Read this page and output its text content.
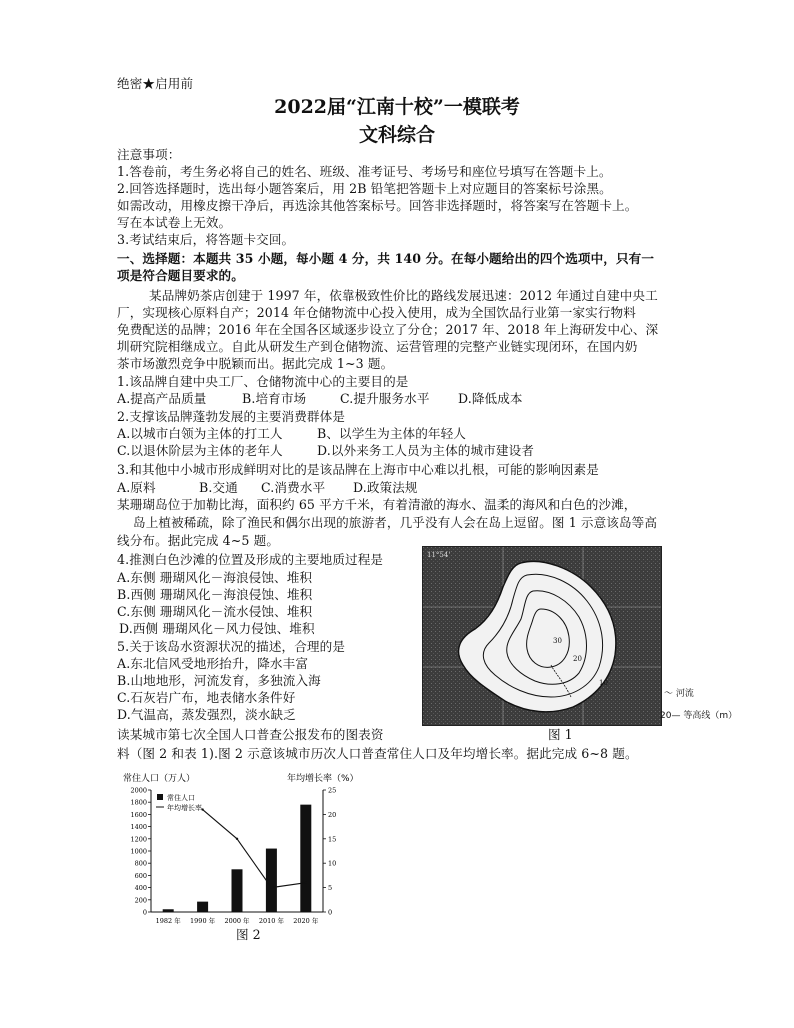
绝密★启用前
2022届“江南十校”一模联考
文科综合
注意事项：
1.答卷前，考生务必将自己的姓名、班级、准考证号、考场号和座位号填写在答题卡上。
2.回答选择题时，选出每小题答案后，用 2B 铅笔把答题卡上对应题目的答案标号涂黑。
如需改动，用橡皮擦干净后，再选涂其他答案标号。回答非选择题时，将答案写在答题卡上。
写在本试卷上无效。
3.考试结束后，将答题卡交回。
一、选择题：本题共 35 小题，每小题 4 分，共 140 分。在每小题给出的四个选项中，只有一
项是符合题目要求的。
某品牌奶茶店创建于 1997 年，依靠极致性价比的路线发展迅速：2012 年通过自建中央工
厂，实现核心原料自产；2014 年仓储物流中心投入使用，成为全国饮品行业第一家实行物料
免费配送的品牌；2016 年在全国各区域逐步设立了分仓；2017 年、2018 年上海研发中心、深
圳研究院相继成立。自此从研发生产到仓储物流、运营管理的完整产业链实现闭环，在国内奶
茶市场激烈竞争中脱颖而出。据此完成 1~3 题。
1.该品牌自建中央工厂、仓储物流中心的主要目的是
A.提高产品质量	B.培育市场	C.提升服务水平 D.降低成本
2.支撑该品牌蓬勃发展的主要消费群体是
A.以城市白领为主体的打工人	B、以学生为主体的年轻人
C.以退休阶层为主体的老年人	D.以外来务工人员为主体的城市建设者
3.和其他中小城市形成鲜明对比的是该品牌在上海市中心难以扎根，可能的影响因素是
A.原料	B.交通 C.消费水平 D.政策法规
某珊瑚岛位于加勒比海，面积约 65 平方千米，有着清澈的海水、温柔的海风和白色的沙滩，
岛上植被稀疏，除了渔民和偶尔出现的旅游者，几乎没有人会在岛上逗留。图 1 示意该岛等高
线分布。据此完成 4~5 题。
4.推测白色沙滩的位置及形成的主要地质过程是
A.东侧 珊瑚风化－海浪侵蚀、堆积
B.西侧 珊瑚风化－海浪侵蚀、堆积
C.东侧 珊瑚风化－流水侵蚀、堆积
D.西侧 珊瑚风化－风力侵蚀、堆积
5.关于该岛水资源状况的描述，合理的是
A.东北信风受地形抬升，降水丰富
B.山地地形，河流发育，多独流入海
C.石灰岩广布，地表储水条件好
D.气温高，蒸发强烈，淡水缺乏
读某城市第七次全国人口普查公报发布的图表资
料（图 2 和表 1).图 2 示意该城市历次人口普查常住人口及年均增长率。据此完成 6~8 题。
11°54'
10
20
30
～ 河流
20— 等高线（m）
图 1
常住人口（万人）	年均增长率（%）
0
200
400
600
800
1000
1200
1400
1600
1800
2000
0
5
10
15
20
25
1982 年 1990 年 2000 年 2010 年 2020 年
常住人口
年均增长率
图 2
